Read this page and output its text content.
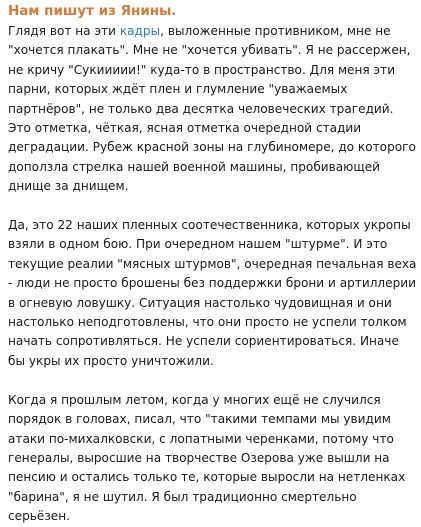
Нам пишут из Янины.

Глядя вот на эти кадры, выложенные противником, мне не "хочется плакать". Мне не "хочется убивать". Я не рассержен, не кричу "Сукиииии!" куда-то в пространство. Для меня эти парни, которых ждёт плен и глумление "уважаемых партнёров", не только два десятка человеческих трагедий. Это отметка, чёткая, ясная отметка очередной стадии деградации. Рубеж красной зоны на глубиномере, до которого доползла стрелка нашей военной машины, пробивающей днище за днищем.

Да, это 22 наших пленных соотечественника, которых укропы взяли в одном бою. При очередном нашем "штурме". И это текущие реалии "мясных штурмов", очередная печальная веха - люди не просто брошены без поддержки брони и артиллерии в огневую ловушку. Ситуация настолько чудовищная и они настолько неподготовлены, что они просто не успели толком начать сопротивляться. Не успели сориентироваться. Иначе бы укры их просто уничтожили.

Когда я прошлым летом, когда у многих ещё не случился порядок в головах, писал, что "такими темпами мы увидим атаки по-михалковски, с лопатными черенками, потому что генералы, выросшие на творчестве Озерова уже вышли на пенсию и остались только те, которые выросли на нетленках "барина", я не шутил. Я был традиционно смертельно серьёзен.
